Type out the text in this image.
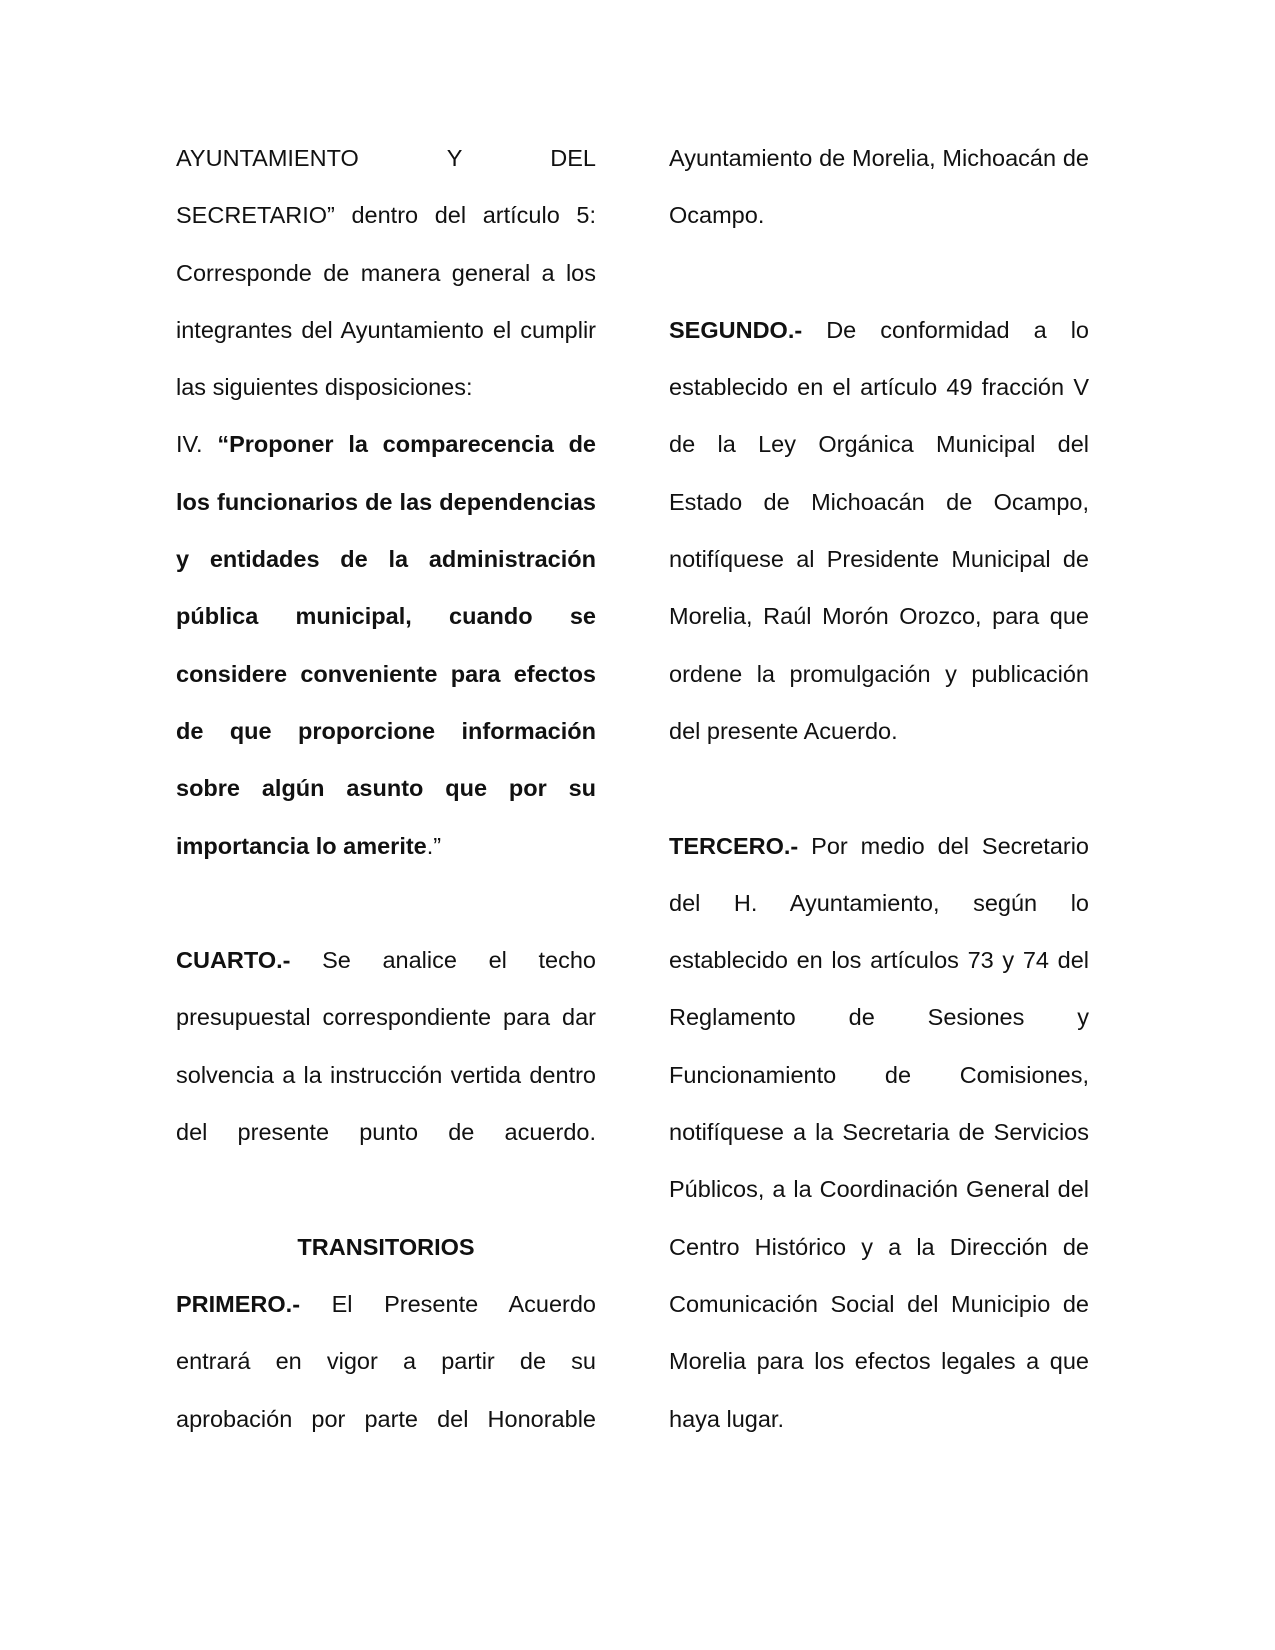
AYUNTAMIENTO Y DEL SECRETARIO” dentro del artículo 5: Corresponde de manera general a los integrantes del Ayuntamiento el cumplir las siguientes disposiciones:

IV. “Proponer la comparecencia de los funcionarios de las dependencias y entidades de la administración pública municipal, cuando se considere conveniente para efectos de que proporcione información sobre algún asunto que por su importancia lo amerite.”

CUARTO.- Se analice el techo presupuestal correspondiente para dar solvencia a la instrucción vertida dentro del presente punto de acuerdo.

TRANSITORIOS

PRIMERO.- El Presente Acuerdo entrará en vigor a partir de su aprobación por parte del Honorable

Ayuntamiento de Morelia, Michoacán de Ocampo.

SEGUNDO.- De conformidad a lo establecido en el artículo 49 fracción V de la Ley Orgánica Municipal del Estado de Michoacán de Ocampo, notifíquese al Presidente Municipal de Morelia, Raúl Morón Orozco, para que ordene la promulgación y publicación del presente Acuerdo.

TERCERO.- Por medio del Secretario del H. Ayuntamiento, según lo establecido en los artículos 73 y 74 del Reglamento de Sesiones y Funcionamiento de Comisiones, notifíquese a la Secretaria de Servicios Públicos, a la Coordinación General del Centro Histórico y a la Dirección de Comunicación Social del Municipio de Morelia para los efectos legales a que haya lugar.
